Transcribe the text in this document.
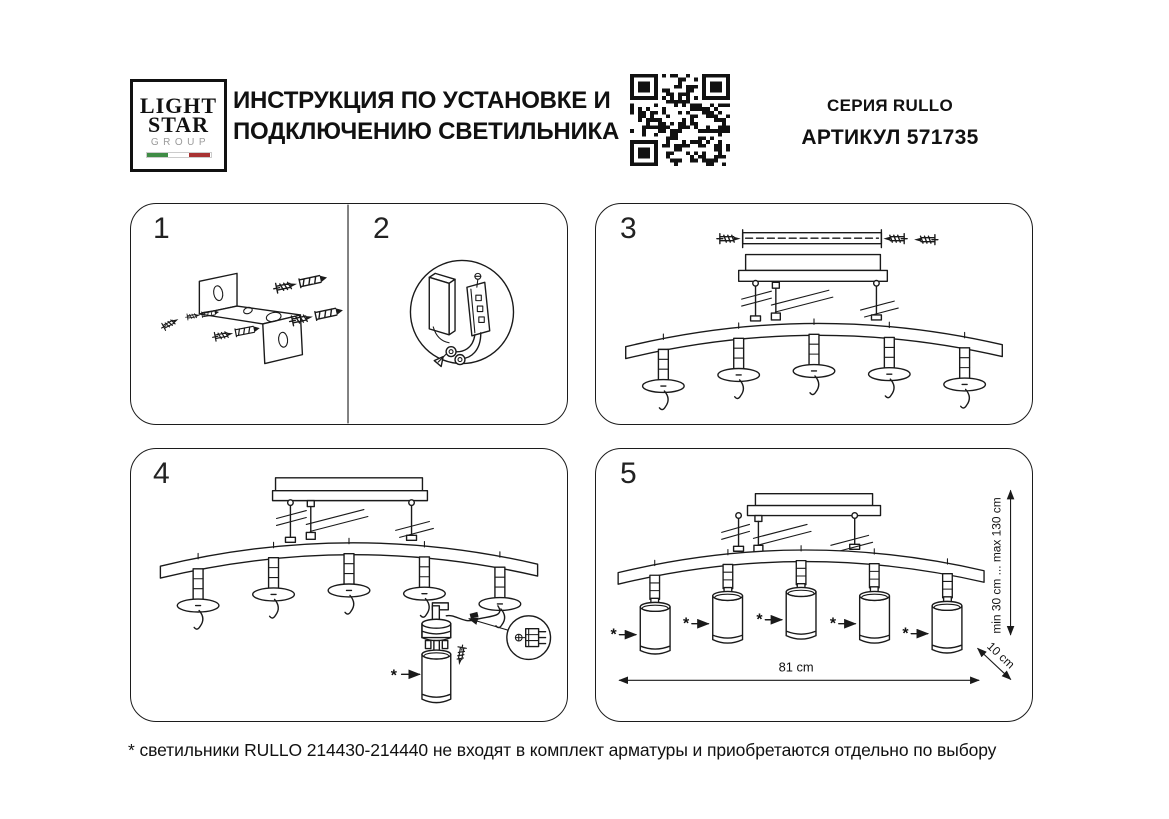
LIGHT
STAR
GROUP
ИНСТРУКЦИЯ ПО УСТАНОВКЕ И
ПОДКЛЮЧЕНИЮ СВЕТИЛЬНИКА
СЕРИЯ RULLO
АРТИКУЛ 571735
1	2	3
4
*
5
*
*	*	*
*
81 cm
min 30 cm ... max 130 cm
10 cm
* светильники RULLO 214430-214440 не входят в комплект арматуры и приобретаются отдельно по выбору
